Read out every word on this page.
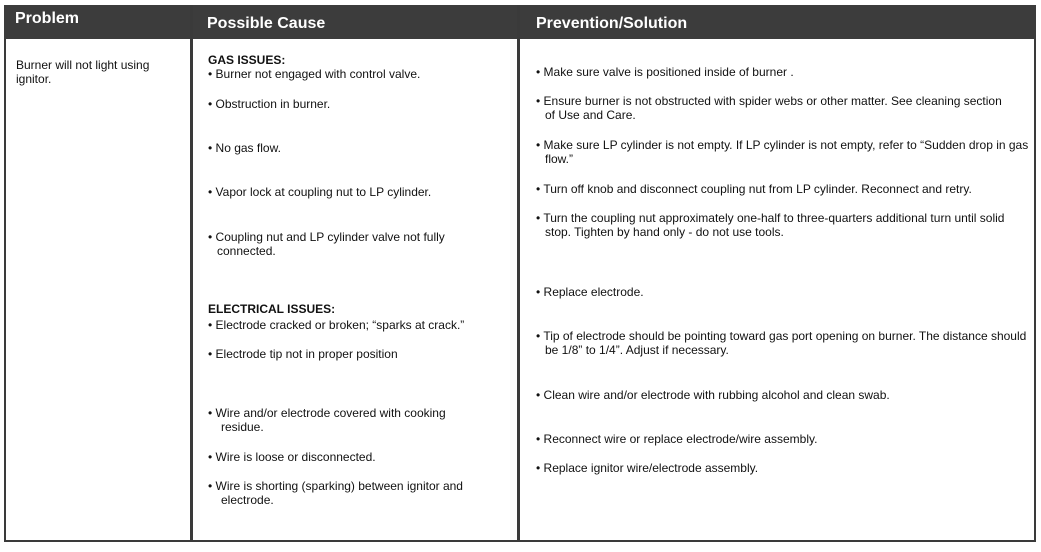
Problem	Possible Cause	Prevention/Solution
Burner will not light using ignitor.
GAS ISSUES:
• Burner not engaged with control valve.
• Obstruction in burner.
• No gas flow.
• Vapor lock at coupling nut to LP cylinder.
• Coupling nut and LP cylinder valve not fully connected.
ELECTRICAL ISSUES:
• Electrode cracked or broken; “sparks at crack.”
• Electrode tip not in proper position
• Wire and/or electrode covered with cooking residue.
• Wire is loose or disconnected.
• Wire is shorting (sparking) between ignitor and electrode.
• Make sure valve is positioned inside of burner .
• Ensure burner is not obstructed with spider webs or other matter. See cleaning section of Use and Care.
• Make sure LP cylinder is not empty. If LP cylinder is not empty, refer to “Sudden drop in gas flow.”
• Turn off knob and disconnect coupling nut from LP cylinder. Reconnect and retry.
• Turn the coupling nut approximately one-half to three-quarters additional turn until solid stop. Tighten by hand only - do not use tools.
• Replace electrode.
• Tip of electrode should be pointing toward gas port opening on burner. The distance should be 1/8” to 1/4”. Adjust if necessary.
• Clean wire and/or electrode with rubbing alcohol and clean swab.
• Reconnect wire or replace electrode/wire assembly.
• Replace ignitor wire/electrode assembly.
